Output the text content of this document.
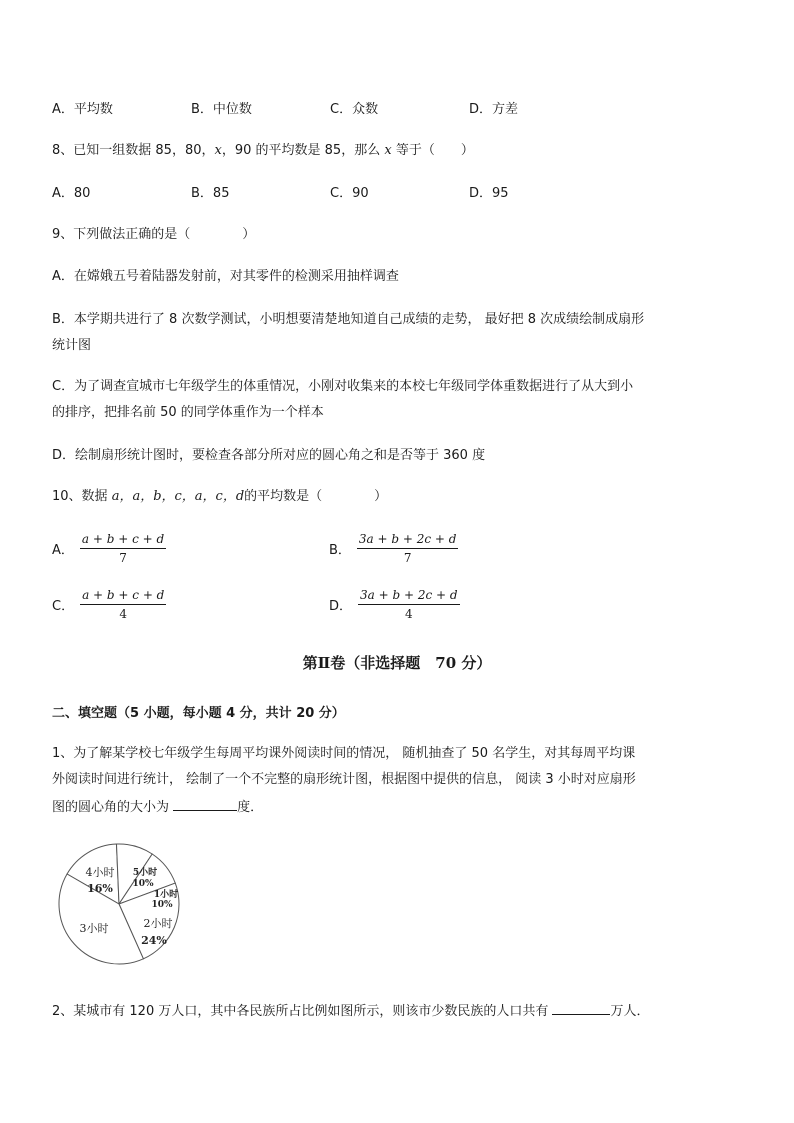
A．平均数	B．中位数	C．众数	D．方差
8、已知一组数据 85，80，x，90 的平均数是 85，那么 x 等于（　　）
A．80	B．85	C．90	D．95
9、下列做法正确的是（　　　　）
A．在嫦娥五号着陆器发射前，对其零件的检测采用抽样调查
B．本学期共进行了 8 次数学测试，小明想要清楚地知道自己成绩的走势， 最好把 8 次成绩绘制成扇形
统计图
C．为了调查宣城市七年级学生的体重情况，小刚对收集来的本校七年级同学体重数据进行了从大到小
的排序，把排名前 50 的同学体重作为一个样本
D．绘制扇形统计图时，要检查各部分所对应的圆心角之和是否等于 360 度
10、数据 a，a，b，c，a，c，d的平均数是（　　　　）
A． $\frac{a + b + c + d}{7}$	B． $\frac{3a + b + 2c + d}{7}$
C． $\frac{a + b + c + d}{4}$	D． $\frac{3a + b + 2c + d}{4}$
第Ⅱ卷（非选择题　70 分）
二、填空题（5 小题，每小题 4 分，共计 20 分）
1、为了解某学校七年级学生每周平均课外阅读时间的情况， 随机抽查了 50 名学生，对其每周平均课
外阅读时间进行统计， 绘制了一个不完整的扇形统计图，根据图中提供的信息， 阅读 3 小时对应扇形
图的圆心角的大小为	度．
4小时
16%
5小时
10%
1小时
10%
2小时
24%
3小时
2、某城市有 120 万人口，其中各民族所占比例如图所示，则该市少数民族的人口共有	万人．
